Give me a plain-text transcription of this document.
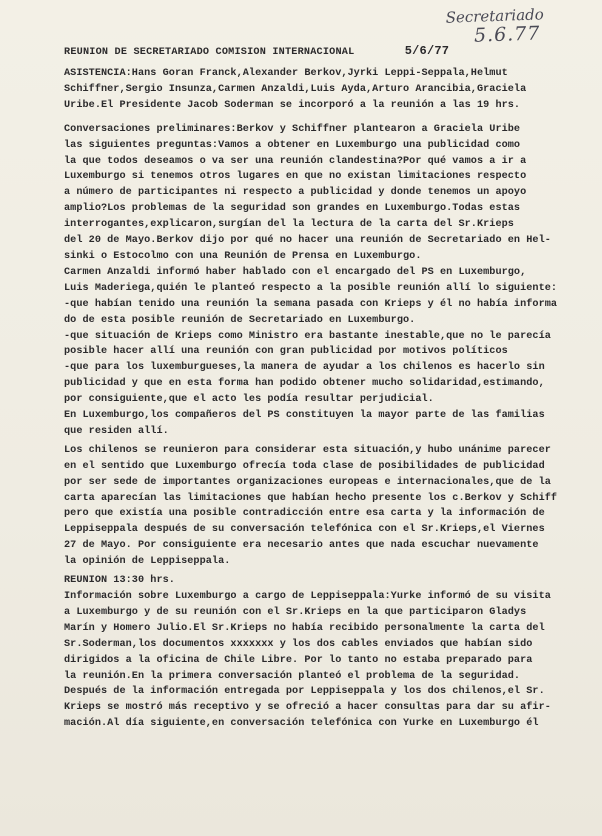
Secretariado
5.6.77
REUNION DE SECRETARIADO COMISION INTERNACIONAL	5/6/77
ASISTENCIA:Hans Goran Franck,Alexander Berkov,Jyrki Leppi-Seppala,Helmut
Schiffner,Sergio Insunza,Carmen Anzaldi,Luis Ayda,Arturo Arancibia,Graciela
Uribe.El Presidente Jacob Soderman se incorporó a la reunión a las 19 hrs.
Conversaciones preliminares:Berkov y Schiffner plantearon a Graciela Uribe
las siguientes preguntas:Vamos a obtener en Luxemburgo una publicidad como
la que todos deseamos o va ser una reunión clandestina?Por qué vamos a ir a
Luxemburgo si tenemos otros lugares en que no existan limitaciones respecto
a número de participantes ni respecto a publicidad y donde tenemos un apoyo
amplio?Los problemas de la seguridad son grandes en Luxemburgo.Todas estas
interrogantes,explicaron,surgían del la lectura de la carta del Sr.Krieps
del 20 de Mayo.Berkov dijo por qué no hacer una reunión de Secretariado en Hel-
sinki o Estocolmo con una Reunión de Prensa en Luxemburgo.
Carmen Anzaldi informó haber hablado con el encargado del PS en Luxemburgo,
Luis Maderiega,quién le planteó respecto a la posible reunión allí lo siguiente:
-que habían tenido una reunión la semana pasada con Krieps y él no había informa
do de esta posible reunión de Secretariado en Luxemburgo.
-que situación de Krieps como Ministro era bastante inestable,que no le parecía
posible hacer allí una reunión con gran publicidad por motivos políticos
-que para los luxemburgueses,la manera de ayudar a los chilenos es hacerlo sin
publicidad y que en esta forma han podido obtener mucho solidaridad,estimando,
por consiguiente,que el acto les podía resultar perjudicial.
En Luxemburgo,los compañeros del PS constituyen la mayor parte de las familias
que residen allí.
Los chilenos se reunieron para considerar esta situación,y hubo unánime parecer
en el sentido que Luxemburgo ofrecía toda clase de posibilidades de publicidad
por ser sede de importantes organizaciones europeas e internacionales,que de la
carta aparecían las limitaciones que habían hecho presente los c.Berkov y Schiff
pero que existía una posible contradicción entre esa carta y la información de
Leppiseppala después de su conversación telefónica con el Sr.Krieps,el Viernes
27 de Mayo. Por consiguiente era necesario antes que nada escuchar nuevamente
la opinión de Leppiseppala.
REUNION 13:30 hrs.
Información sobre Luxemburgo a cargo de Leppiseppala:Yurke informó de su visita
a Luxemburgo y de su reunión con el Sr.Krieps en la que participaron Gladys
Marín y Homero Julio.El Sr.Krieps no había recibido personalmente la carta del
Sr.Soderman,los documentos xxxxxxx y los dos cables enviados que habían sido
dirigidos a la oficina de Chile Libre. Por lo tanto no estaba preparado para
la reunión.En la primera conversación planteó el problema de la seguridad.
Después de la información entregada por Leppiseppala y los dos chilenos,el Sr.
Krieps se mostró más receptivo y se ofreció a hacer consultas para dar su afir-
mación.Al día siguiente,en conversación telefónica con Yurke en Luxemburgo él
